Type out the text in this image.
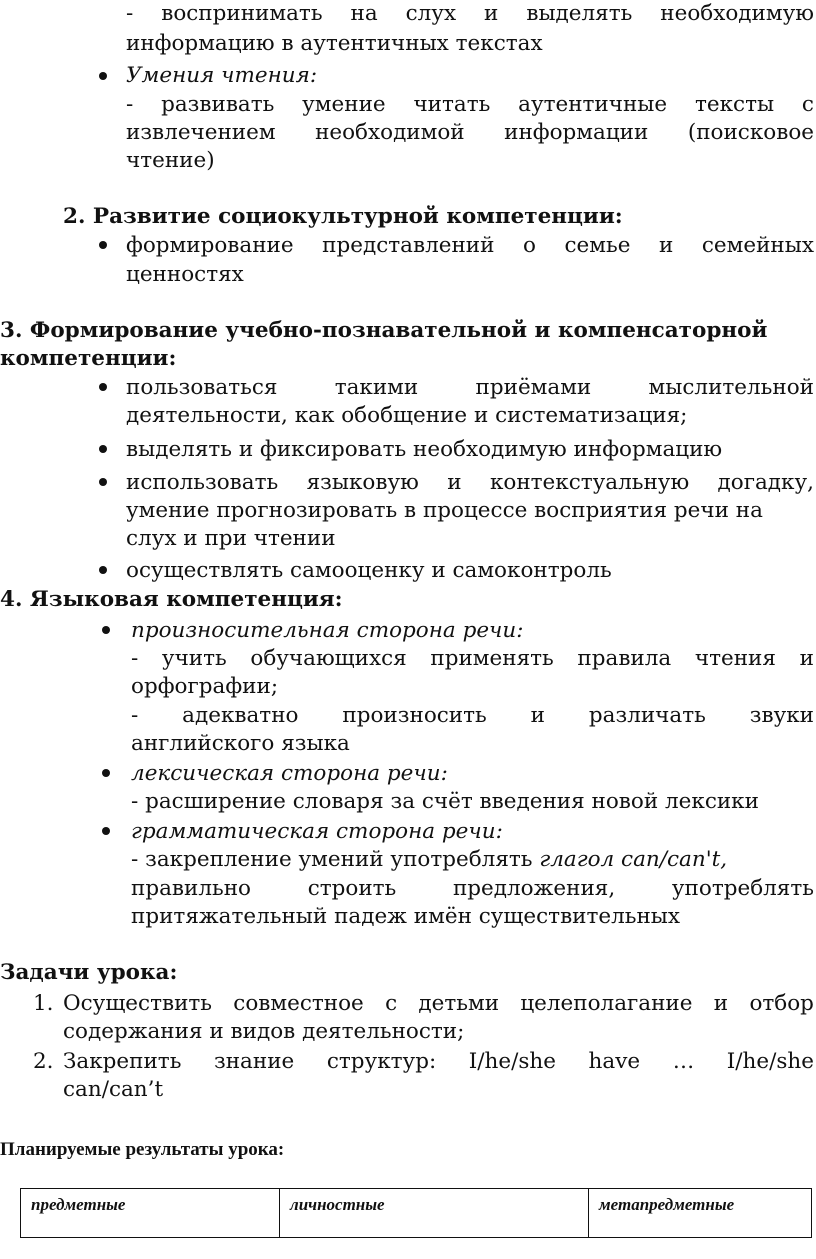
- воспринимать на слух и выделять необходимую

информацию в аутентичных текстах

Умения чтения:

- развивать умение читать аутентичные тексты с
извлечением необходимой информации (поисковое

чтение)

2. Развитие социокультурной компетенции:

формирование представлений о семье и семейных

ценностях

3. Формирование учебно-познавательной и компенсаторной

компетенции:

пользоваться	такими	приёмами	мыслительной

деятельности, как обобщение и систематизация;

выделять и фиксировать необходимую информацию

использовать языковую и контекстуальную догадку,

умение прогнозировать в процессе восприятия речи на

слух и при чтении

осуществлять самооценку и самоконтроль

4. Языковая компетенция:

произносительная сторона речи:

- учить обучающихся применять правила чтения и

орфографии;

- адекватно произносить и различать звуки

английского языка

лексическая сторона речи:

- расширение словаря за счёт введения новой лексики

грамматическая сторона речи:

- закрепление умений употреблять глагол can/can't,

правильно	строить	предложения,	употреблять

притяжательный падеж имён существительных

Задачи урока:

1. Осуществить совместное с детьми целеполагание и отбор

содержания и видов деятельности;

2. Закрепить знание структур: I/he/she have … I/he/she

can/can’t

Планируемые результаты урока:

предметные	личностные	метапредметные
